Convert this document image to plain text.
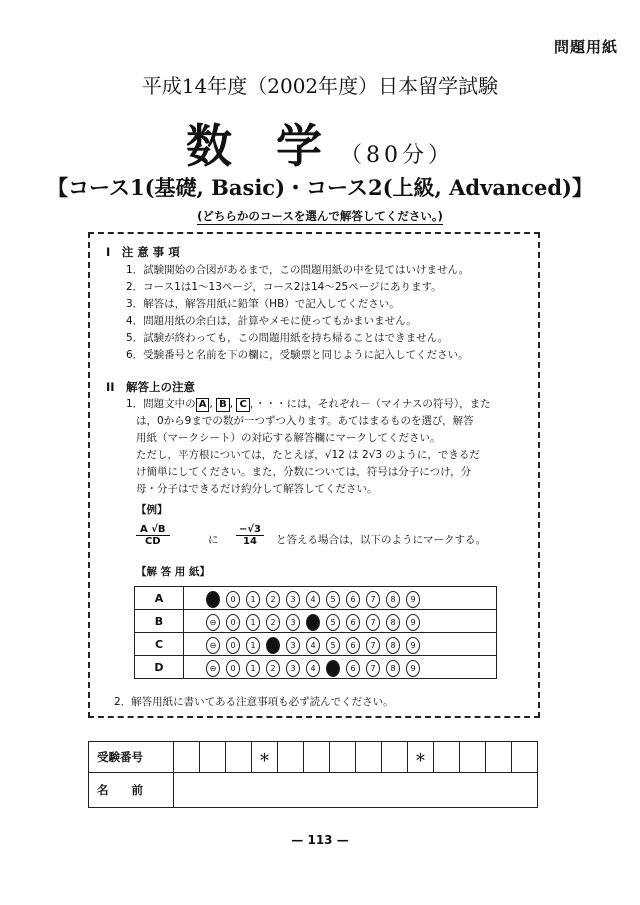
問題用紙
平成14年度（2002年度）日本留学試験
数 学 （80分）
【コース1(基礎, Basic)・コース2(上級, Advanced)】
(どちらかのコースを選んで解答してください。)
I　注 意 事 項
1．試験開始の合図があるまで，この問題用紙の中を見てはいけません。
2．コース1は1～13ページ，コース2は14～25ページにあります。
3．解答は，解答用紙に鉛筆（HB）で記入してください。
4．問題用紙の余白は，計算やメモに使ってもかまいません。
5．試験が終わっても，この問題用紙を持ち帰ることはできません。
6．受験番号と名前を下の欄に，受験票と同じように記入してください。
II　解答上の注意
1．問題文中の A , B , C ，・・・には，それぞれ－（マイナスの符号），また
は，0から9までの数が一つずつ入ります。あてはまるものを選び，解答
用紙（マークシート）の対応する解答欄にマークしてください。
ただし，平方根については，たとえば，√12 は 2√3 のように，できるだ
け簡単にしてください。また，分数については，符号は分子につけ，分
母・分子はできるだけ約分して解答してください。
【例】
$\frac{A √B}{CD}$	に $\frac{-√3}{14}$ と答える場合は，以下のようにマークする。
【解 答 用 紙】
A	⊖ 0 1 2 3 4 5 6 7 8 9
B	⊖ 0 1 2 3 4 5 6 7 8 9
C	⊖ 0 1 2 3 4 5 6 7 8 9
D	⊖ 0 1 2 3 4 5 6 7 8 9
2．解答用紙に書いてある注意事項も必ず読んでください。
受験番号				＊						＊				
名　　前														
— 113 —
